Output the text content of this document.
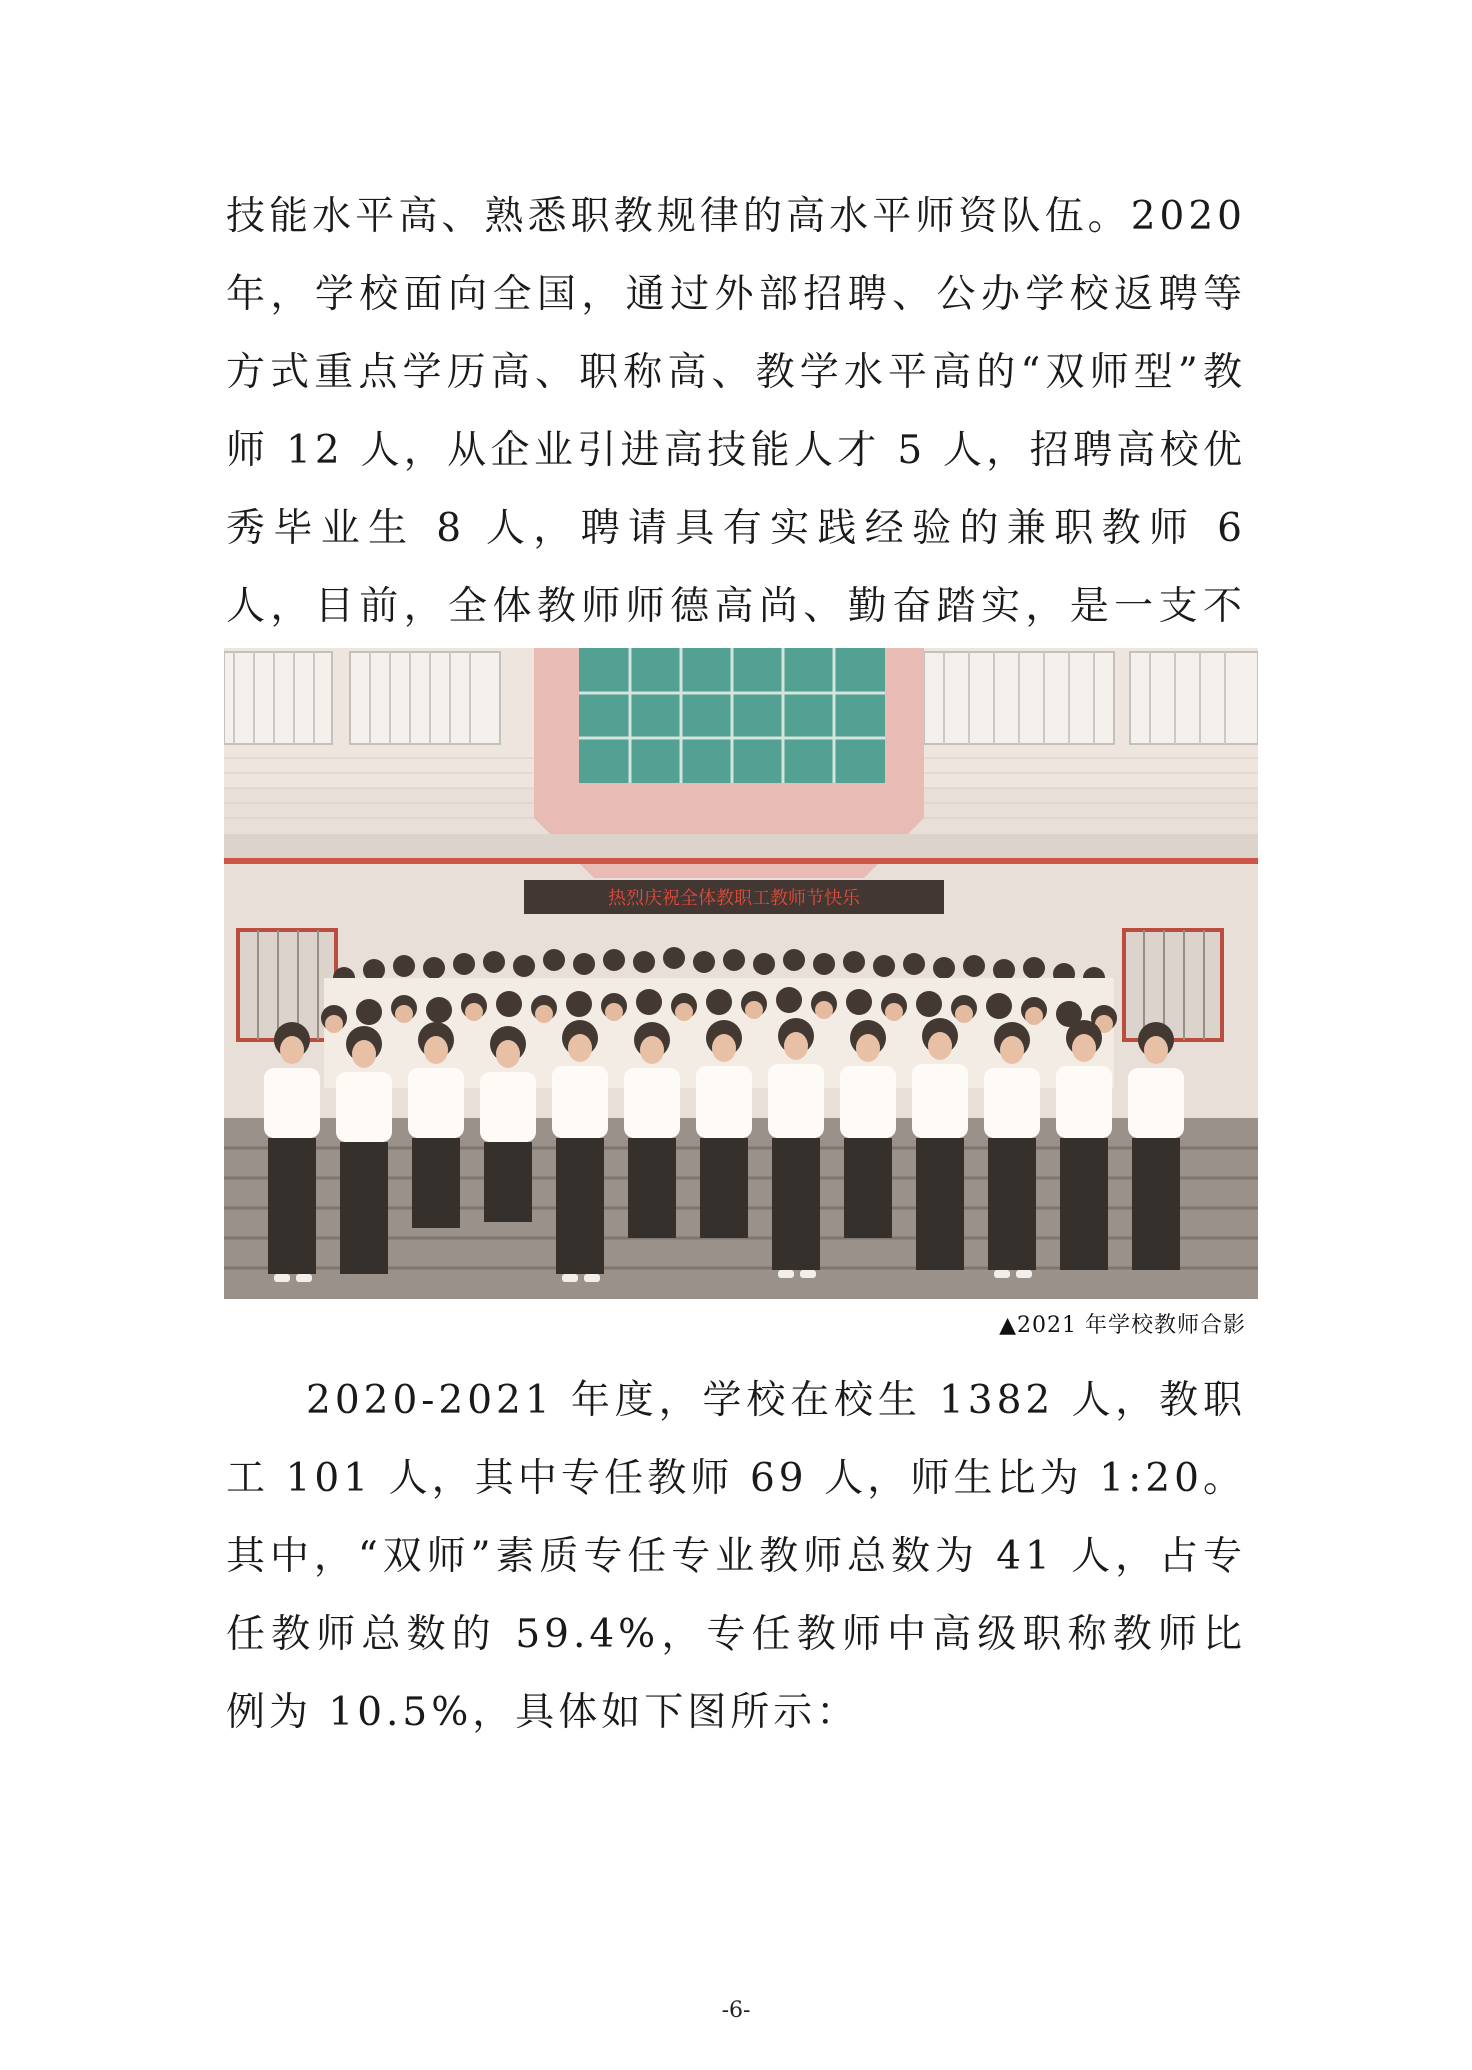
技能水平高、熟悉职教规律的高水平师资队伍。2020 年，学校面向全国，通过外部招聘、公办学校返聘等方式重点学历高、职称高、教学水平高的“双师型”教师 12 人，从企业引进高技能人才 5 人，招聘高校优秀毕业生 8 人，聘请具有实践经验的兼职教师 6 人，目前，全体教师师德高尚、勤奋踏实，是一支不

热烈庆祝全体教职工教师节快乐
▲2021 年学校教师合影

2020-2021 年度，学校在校生 1382 人，教职工 101 人，其中专任教师 69 人，师生比为 1:20。其中，“双师”素质专任专业教师总数为 41 人，占专任教师总数的 59.4%，专任教师中高级职称教师比例为 10.5%，具体如下图所示：

-6-
